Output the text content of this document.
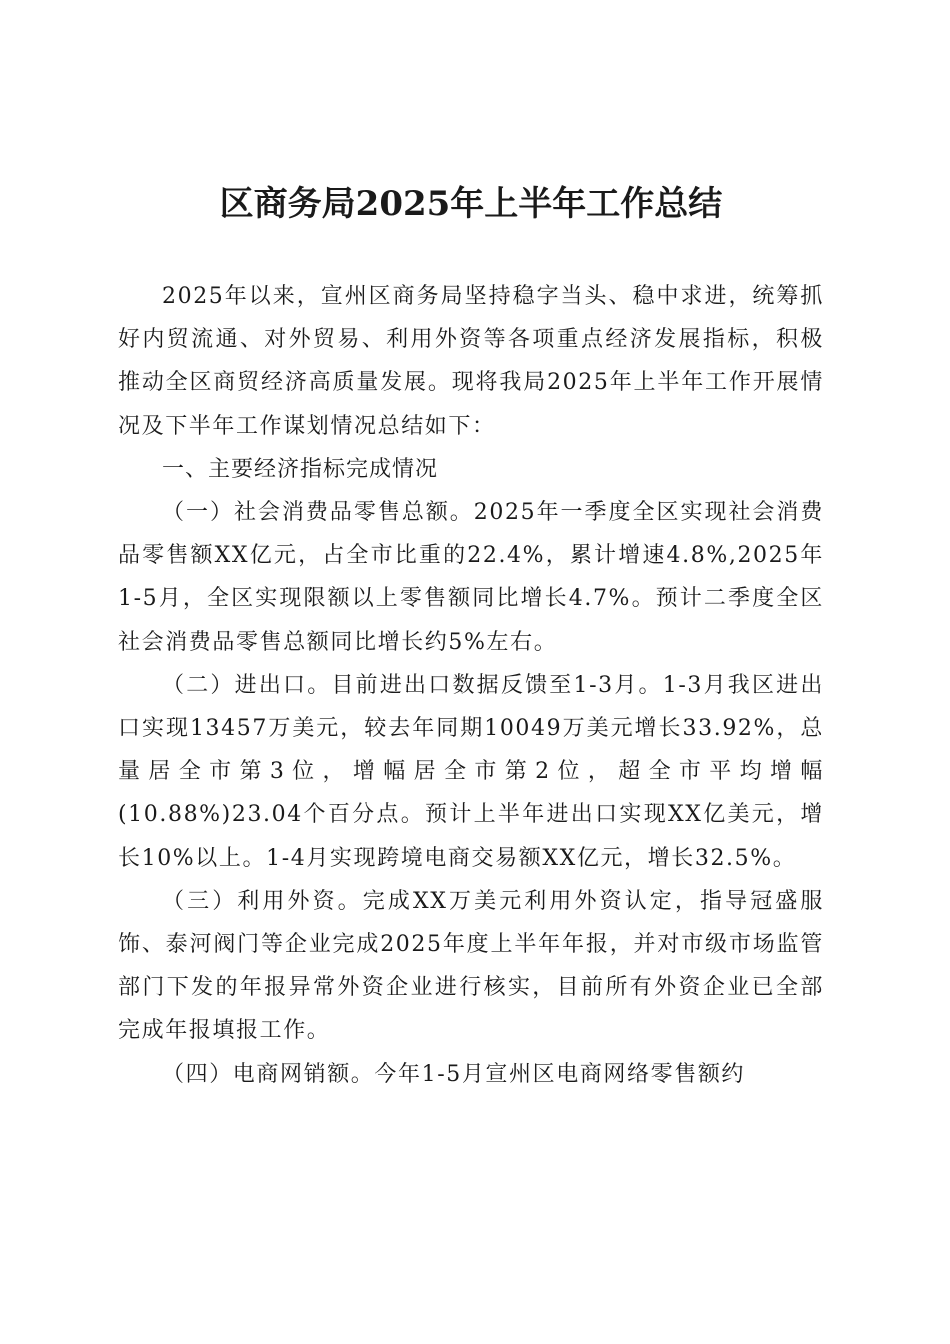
区商务局2025年上半年工作总结

2025年以来，宣州区商务局坚持稳字当头、稳中求进，统筹抓好内贸流通、对外贸易、利用外资等各项重点经济发展指标，积极推动全区商贸经济高质量发展。现将我局2025年上半年工作开展情况及下半年工作谋划情况总结如下：

一、主要经济指标完成情况

（一）社会消费品零售总额。2025年一季度全区实现社会消费品零售额XX亿元，占全市比重的22.4%，累计增速4.8%,2025年1-5月，全区实现限额以上零售额同比增长4.7%。预计二季度全区社会消费品零售总额同比增长约5%左右。

（二）进出口。目前进出口数据反馈至1-3月。1-3月我区进出口实现13457万美元，较去年同期10049万美元增长33.92%，总量居全市第3位，增幅居全市第2位，超全市平均增幅(10.88%)23.04个百分点。预计上半年进出口实现XX亿美元，增长10%以上。1-4月实现跨境电商交易额XX亿元，增长32.5%。

（三）利用外资。完成XX万美元利用外资认定，指导冠盛服饰、泰河阀门等企业完成2025年度上半年年报，并对市级市场监管部门下发的年报异常外资企业进行核实，目前所有外资企业已全部完成年报填报工作。

（四）电商网销额。今年1-5月宣州区电商网络零售额约
